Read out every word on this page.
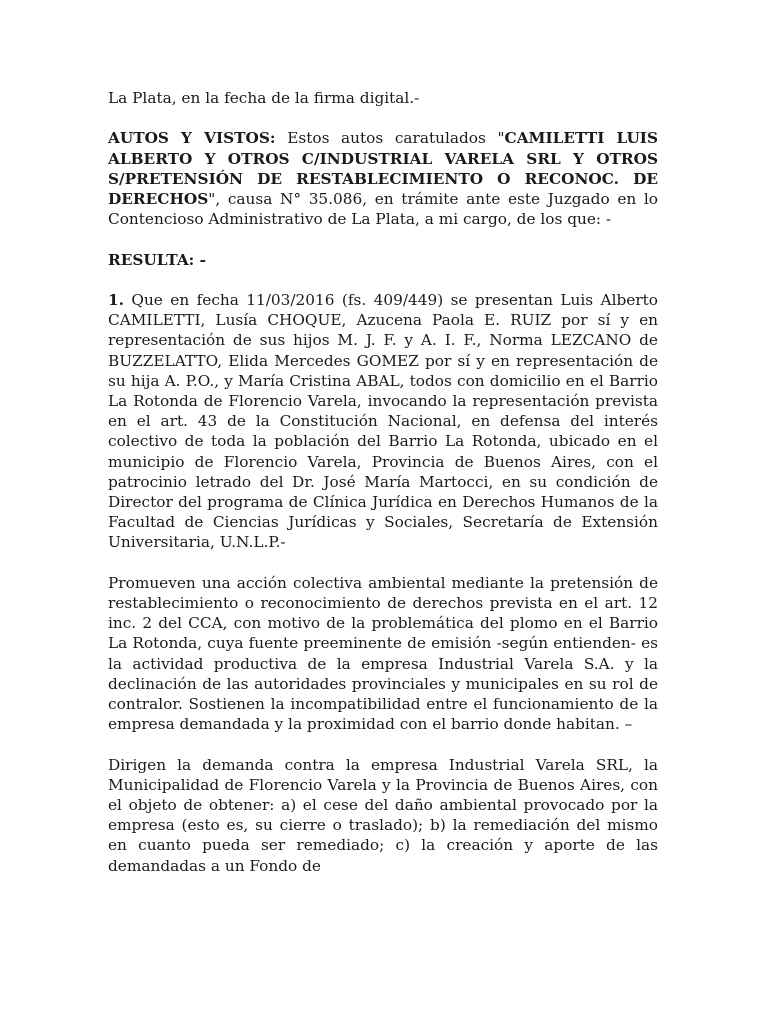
La Plata, en la fecha de la firma digital.-

AUTOS Y VISTOS: Estos autos caratulados "CAMILETTI LUIS ALBERTO Y OTROS C/INDUSTRIAL VARELA SRL Y OTROS S/PRETENSIÓN DE RESTABLECIMIENTO O RECONOC. DE DERECHOS", causa N° 35.086, en trámite ante este Juzgado en lo Contencioso Administrativo de La Plata, a mi cargo, de los que: -

RESULTA: -

1. Que en fecha 11/03/2016 (fs. 409/449) se presentan Luis Alberto CAMILETTI, Lusía CHOQUE, Azucena Paola E. RUIZ por sí y en representación de sus hijos M. J. F. y A. I. F., Norma LEZCANO de BUZZELATTO, Elida Mercedes GOMEZ por sí y en representación de su hija A. P.O., y María Cristina ABAL, todos con domicilio en el Barrio La Rotonda de Florencio Varela, invocando la representación prevista en el art. 43 de la Constitución Nacional, en defensa del interés colectivo de toda la población del Barrio La Rotonda, ubicado en el municipio de Florencio Varela, Provincia de Buenos Aires, con el patrocinio letrado del Dr. José María Martocci, en su condición de Director del programa de Clínica Jurídica en Derechos Humanos de la Facultad de Ciencias Jurídicas y Sociales, Secretaría de Extensión Universitaria, U.N.L.P.-

Promueven una acción colectiva ambiental mediante la pretensión de restablecimiento o reconocimiento de derechos prevista en el art. 12 inc. 2 del CCA, con motivo de la problemática del plomo en el Barrio La Rotonda, cuya fuente preeminente de emisión -según entienden- es la actividad productiva de la empresa Industrial Varela S.A. y la declinación de las autoridades provinciales y municipales en su rol de contralor. Sostienen la incompatibilidad entre el funcionamiento de la empresa demandada y la proximidad con el barrio donde habitan. –

Dirigen la demanda contra la empresa Industrial Varela SRL, la Municipalidad de Florencio Varela y la Provincia de Buenos Aires, con el objeto de obtener: a) el cese del daño ambiental provocado por la empresa (esto es, su cierre o traslado); b) la remediación del mismo en cuanto pueda ser remediado; c) la creación y aporte de las demandadas a un Fondo de
